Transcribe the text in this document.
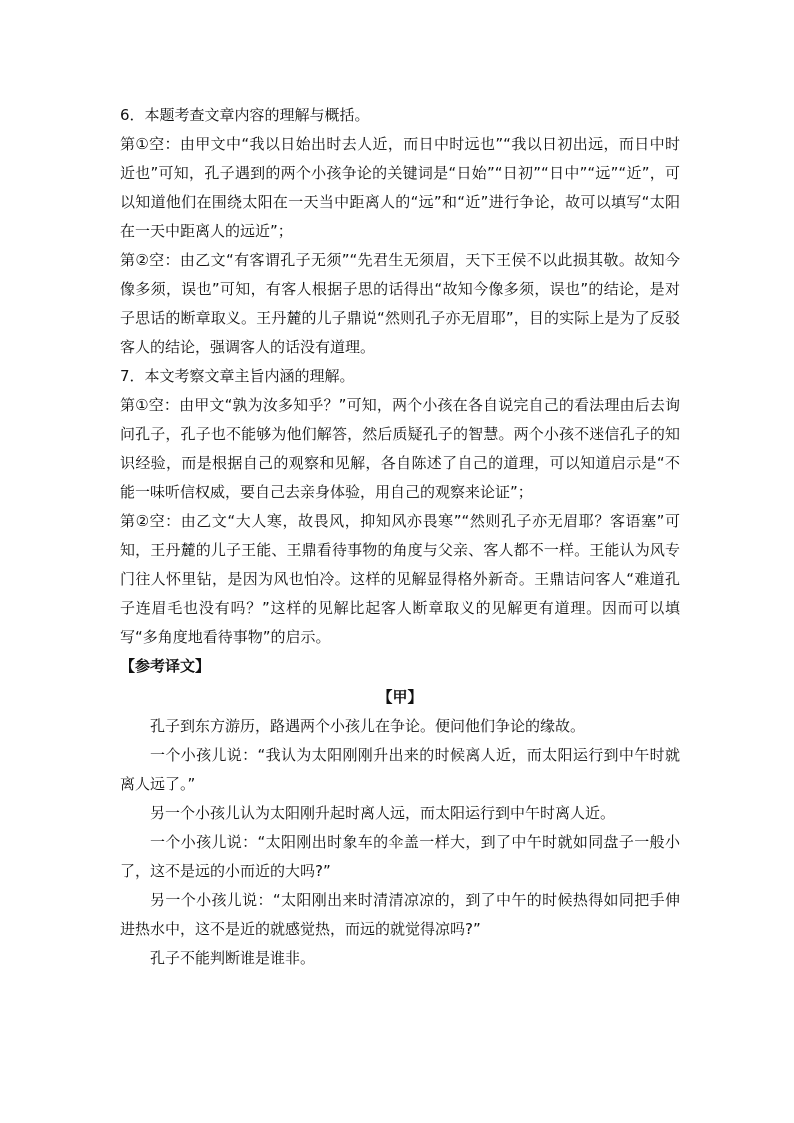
6．本题考查文章内容的理解与概括。

第①空：由甲文中“我以日始出时去人近，而日中时远也”“我以日初出远，而日中时近也”可知，孔子遇到的两个小孩争论的关键词是“日始”“日初”“日中”“远”“近”，可以知道他们在围绕太阳在一天当中距离人的“远”和“近”进行争论，故可以填写“太阳在一天中距离人的远近”；

第②空：由乙文“有客谓孔子无须”“先君生无须眉，天下王侯不以此损其敬。故知今像多须，误也”可知，有客人根据子思的话得出“故知今像多须，误也”的结论，是对子思话的断章取义。王丹麓的儿子鼎说“然则孔子亦无眉耶”，目的实际上是为了反驳客人的结论，强调客人的话没有道理。

7．本文考察文章主旨内涵的理解。

第①空：由甲文“孰为汝多知乎？”可知，两个小孩在各自说完自己的看法理由后去询问孔子，孔子也不能够为他们解答，然后质疑孔子的智慧。两个小孩不迷信孔子的知识经验，而是根据自己的观察和见解，各自陈述了自己的道理，可以知道启示是“不能一味听信权威，要自己去亲身体验，用自己的观察来论证”；

第②空：由乙文“大人寒，故畏风，抑知风亦畏寒”“然则孔子亦无眉耶？客语塞”可知，王丹麓的儿子王能、王鼎看待事物的角度与父亲、客人都不一样。王能认为风专门往人怀里钻，是因为风也怕冷。这样的见解显得格外新奇。王鼎诘问客人“难道孔子连眉毛也没有吗？”这样的见解比起客人断章取义的见解更有道理。因而可以填写“多角度地看待事物”的启示。

【参考译文】

【甲】

孔子到东方游历，路遇两个小孩儿在争论。便问他们争论的缘故。

一个小孩儿说：“我认为太阳刚刚升出来的时候离人近，而太阳运行到中午时就离人远了。”

另一个小孩儿认为太阳刚升起时离人远，而太阳运行到中午时离人近。

一个小孩儿说：“太阳刚出时象车的伞盖一样大，到了中午时就如同盘子一般小了，这不是远的小而近的大吗?”

另一个小孩儿说：“太阳刚出来时清清凉凉的，到了中午的时候热得如同把手伸进热水中，这不是近的就感觉热，而远的就觉得凉吗?”

孔子不能判断谁是谁非。
